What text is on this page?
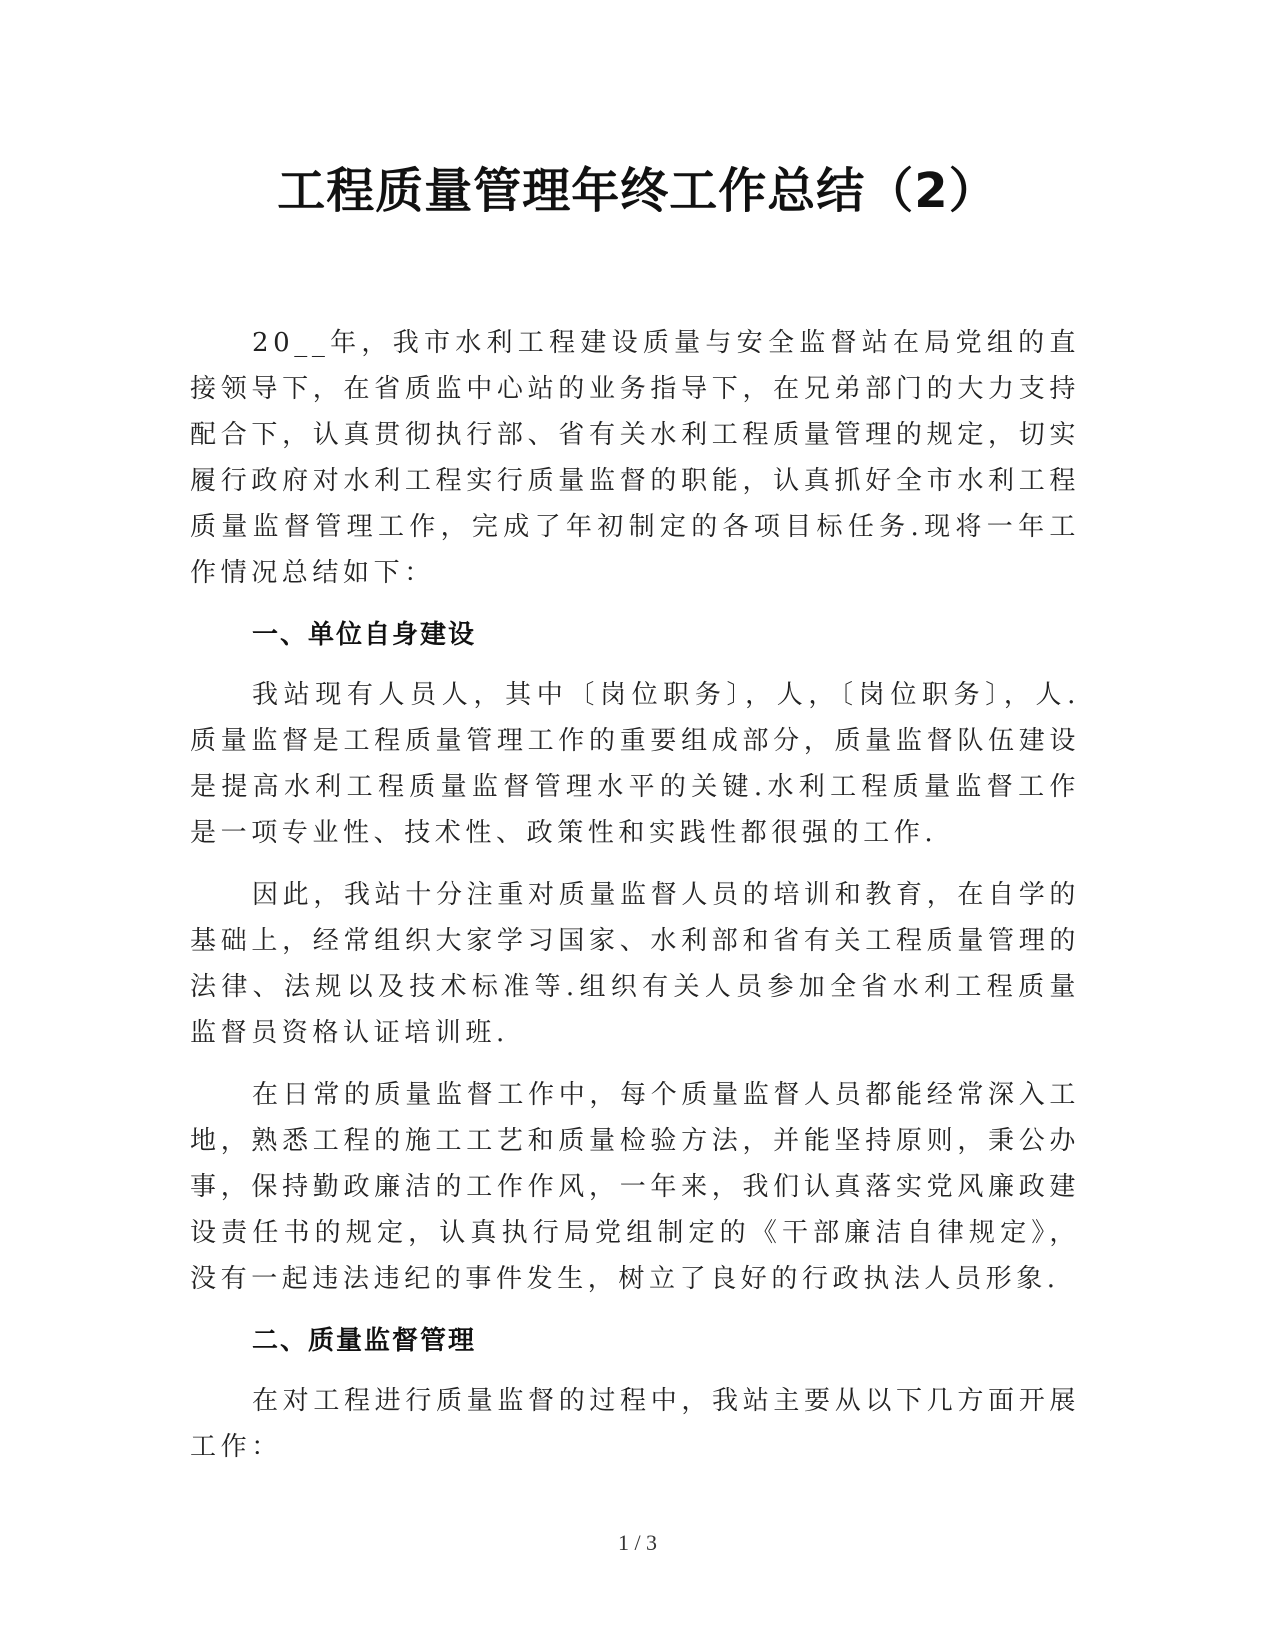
工程质量管理年终工作总结（2）

20__年，我市水利工程建设质量与安全监督站在局党组的直接领导下，在省质监中心站的业务指导下，在兄弟部门的大力支持配合下，认真贯彻执行部、省有关水利工程质量管理的规定，切实履行政府对水利工程实行质量监督的职能，认真抓好全市水利工程质量监督管理工作，完成了年初制定的各项目标任务.现将一年工作情况总结如下：

一、单位自身建设

我站现有人员人，其中〔岗位职务〕，人，〔岗位职务〕，人.质量监督是工程质量管理工作的重要组成部分，质量监督队伍建设是提高水利工程质量监督管理水平的关键.水利工程质量监督工作是一项专业性、技术性、政策性和实践性都很强的工作.

因此，我站十分注重对质量监督人员的培训和教育，在自学的基础上，经常组织大家学习国家、水利部和省有关工程质量管理的法律、法规以及技术标准等.组织有关人员参加全省水利工程质量监督员资格认证培训班.

在日常的质量监督工作中，每个质量监督人员都能经常深入工地，熟悉工程的施工工艺和质量检验方法，并能坚持原则，秉公办事，保持勤政廉洁的工作作风，一年来，我们认真落实党风廉政建设责任书的规定，认真执行局党组制定的《干部廉洁自律规定》，没有一起违法违纪的事件发生，树立了良好的行政执法人员形象.

二、质量监督管理

在对工程进行质量监督的过程中，我站主要从以下几方面开展工作：

1 / 3
